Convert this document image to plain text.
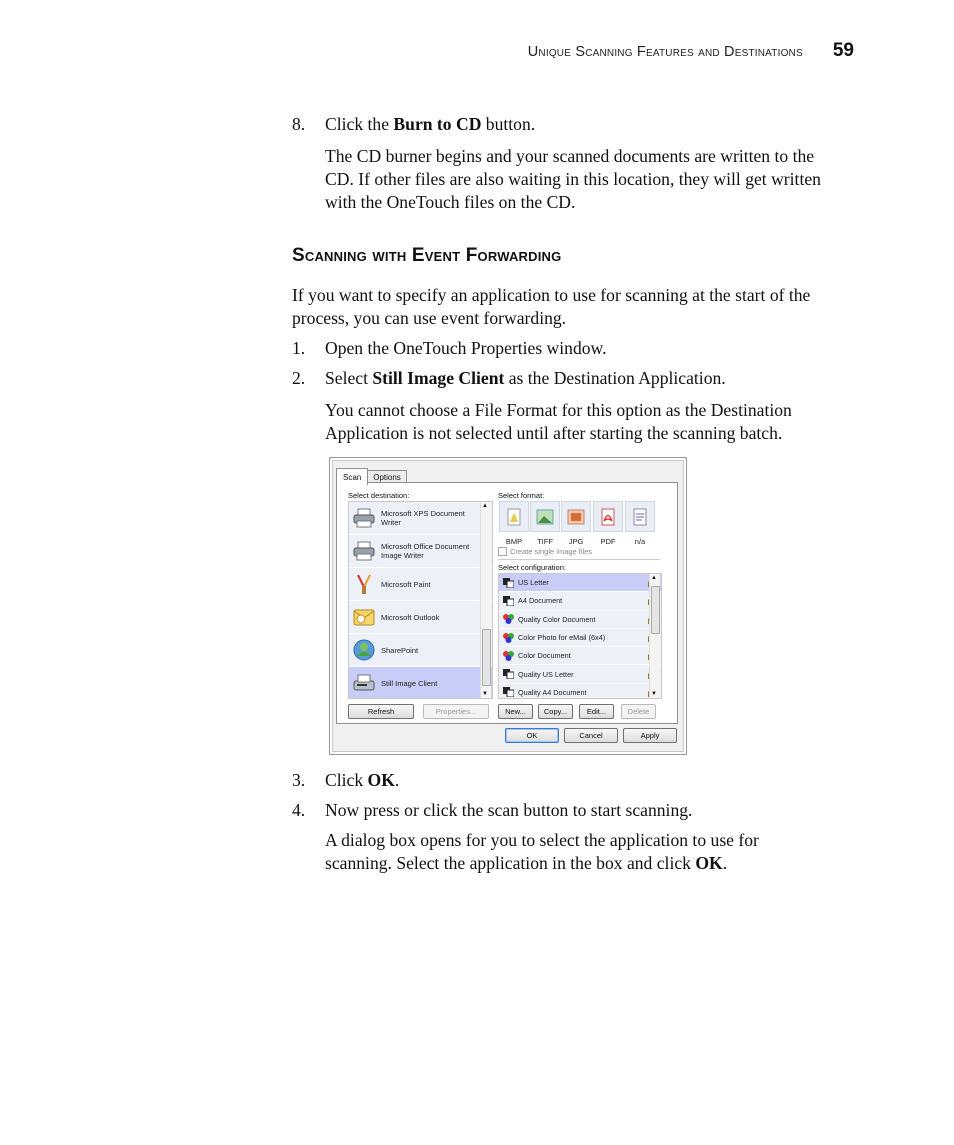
Unique Scanning Features and Destinations 59
8. Click the Burn to CD button.
The CD burner begins and your scanned documents are written to the
CD. If other files are also waiting in this location, they will get written
with the OneTouch files on the CD.
Scanning with Event Forwarding
If you want to specify an application to use for scanning at the start of the
process, you can use event forwarding.
1. Open the OneTouch Properties window.
2. Select Still Image Client as the Destination Application.
You cannot choose a File Format for this option as the Destination
Application is not selected until after starting the scanning batch.
Scan	Options
Select destination:
Microsoft XPS Document Writer
Microsoft Office Document Image Writer
Microsoft Paint
Microsoft Outlook
SharePoint
Still Image Client
▲
▼
Select format:
BMP	TIFF	JPG	PDF	n/a
Create single image files
Select configuration:
US Letter
A4 Document
Quality Color Document
Color Photo for eMail (6x4)
Color Document
Quality US Letter
Quality A4 Document
▲
▼
Refresh	Properties...	New...	Copy...	Edit...	Delete
OK	Cancel	Apply
3. Click OK.
4. Now press or click the scan button to start scanning.
A dialog box opens for you to select the application to use for
scanning. Select the application in the box and click OK.
